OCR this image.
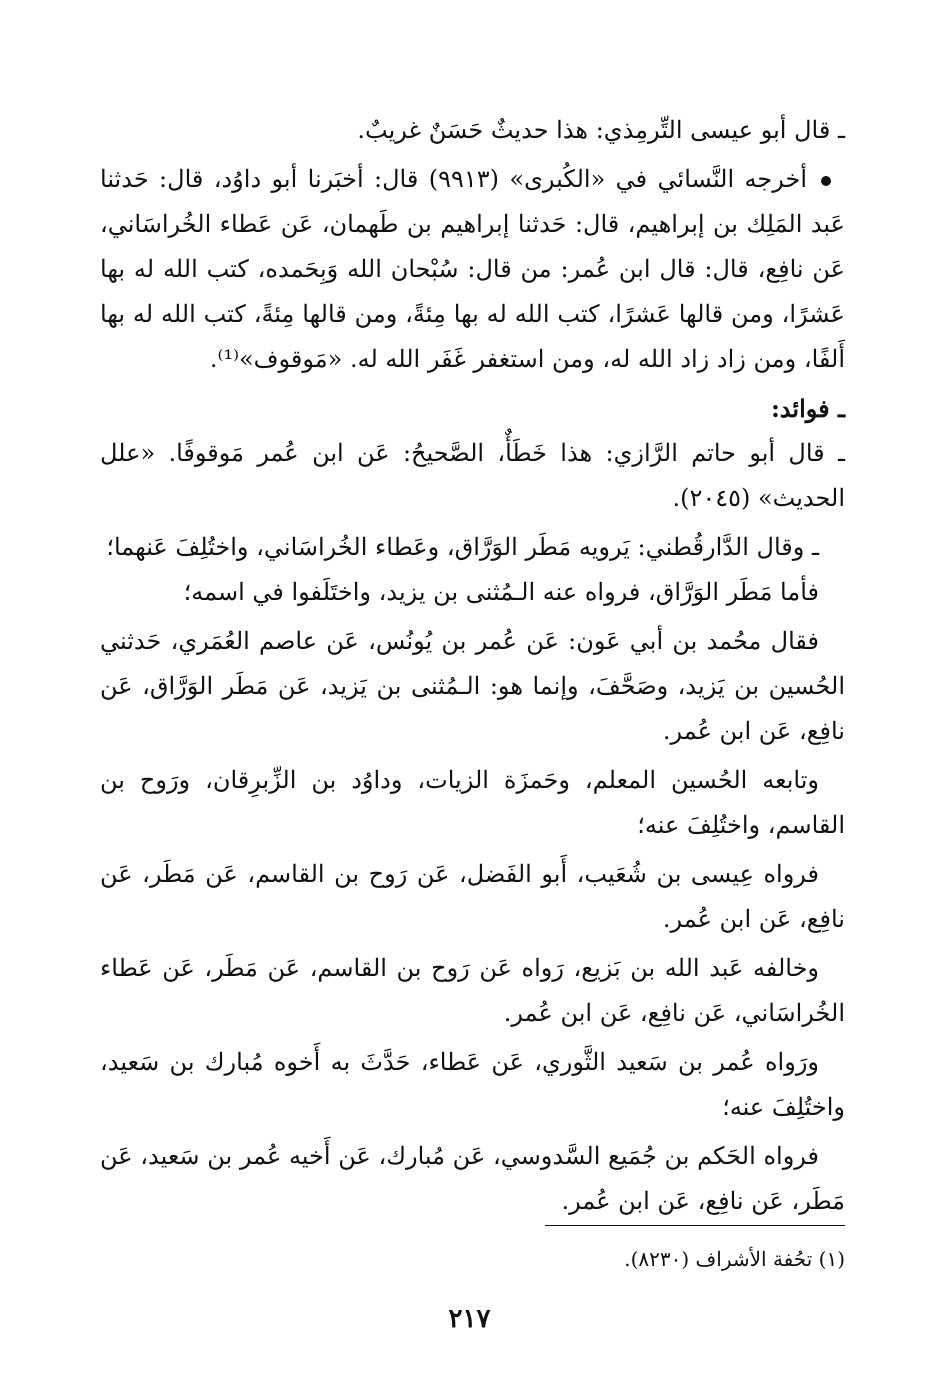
ـ قال أبو عيسى التِّرمِذي: هذا حديثٌ حَسَنٌ غريبٌ.

أخرجه النَّسائي في «الكُبرى» (٩٩١٣) قال: أخبَرنا أبو داوُد، قال: حَدثنا عَبد المَلِك بن إبراهيم، قال: حَدثنا إبراهيم بن طَهمان، عَن عَطاء الخُراسَاني، عَن نافِع، قال: قال ابن عُمر: من قال: سُبْحان الله وَبِحَمده، كتب الله له بها عَشرًا، ومن قالها عَشرًا، كتب الله له بها مِئةً، ومن قالها مِئةً، كتب الله له بها أَلفًا، ومن زاد زاد الله له، ومن استغفر غَفَر الله له. «مَوقوف»⁽¹⁾.

ـ فوائد:

ـ قال أبو حاتم الرَّازي: هذا خَطَأٌ، الصَّحيحُ: عَن ابن عُمر مَوقوفًا. «علل الحديث» (٢٠٤٥).

ـ وقال الدَّارقُطني: يَرويه مَطَر الوَرَّاق، وعَطاء الخُراسَاني، واختُلِفَ عَنهما؛

فأما مَطَر الوَرَّاق، فرواه عنه الـمُثنى بن يزيد، واختَلَفوا في اسمه؛

فقال محُمد بن أبي عَون: عَن عُمر بن يُونُس، عَن عاصم العُمَري، حَدثني الحُسين بن يَزيد، وصَحَّفَ، وإنما هو: الـمُثنى بن يَزيد، عَن مَطَر الوَرَّاق، عَن نافِع، عَن ابن عُمر.

وتابعه الحُسين المعلم، وحَمزَة الزيات، وداوُد بن الزِّبرِقان، ورَوح بن القاسم، واختُلِفَ عنه؛

فرواه عِيسى بن شُعَيب، أَبو الفَضل، عَن رَوح بن القاسم، عَن مَطَر، عَن نافِع، عَن ابن عُمر.

وخالفه عَبد الله بن بَزيع، رَواه عَن رَوح بن القاسم، عَن مَطَر، عَن عَطاء الخُراسَاني، عَن نافِع، عَن ابن عُمر.

ورَواه عُمر بن سَعيد الثَّوري، عَن عَطاء، حَدَّثَ به أَخوه مُبارك بن سَعيد، واختُلِفَ عنه؛

فرواه الحَكم بن جُمَيع السَّدوسي، عَن مُبارك، عَن أَخيه عُمر بن سَعيد، عَن مَطَر، عَن نافِع، عَن ابن عُمر.

(١) تحُفة الأشراف (٨٢٣٠).

٢١٧
